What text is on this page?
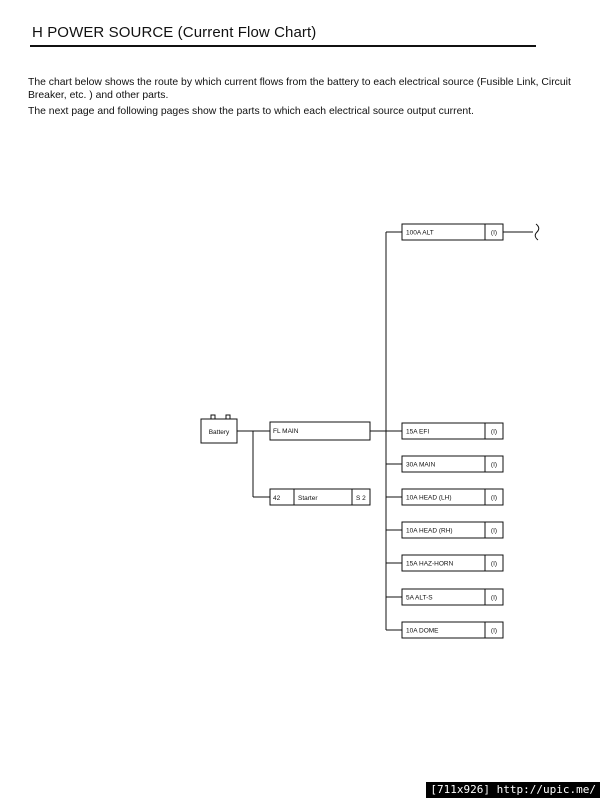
H POWER SOURCE (Current Flow Chart)

The chart below shows the route by which current flows from the battery to each electrical source (Fusible Link, Circuit Breaker, etc. ) and other parts.

The next page and following pages show the parts to which each electrical source output current.

Battery	FL MAIN
42	Starter	S 2
100A ALT	(I)
15A EFI	(I)
30A MAIN	(I)
10A HEAD (LH)	(I)
10A HEAD (RH)	(I)
15A HAZ-HORN	(I)
5A ALT-S	(I)
10A DOME	(I)
[711x926] http://upic.me/
